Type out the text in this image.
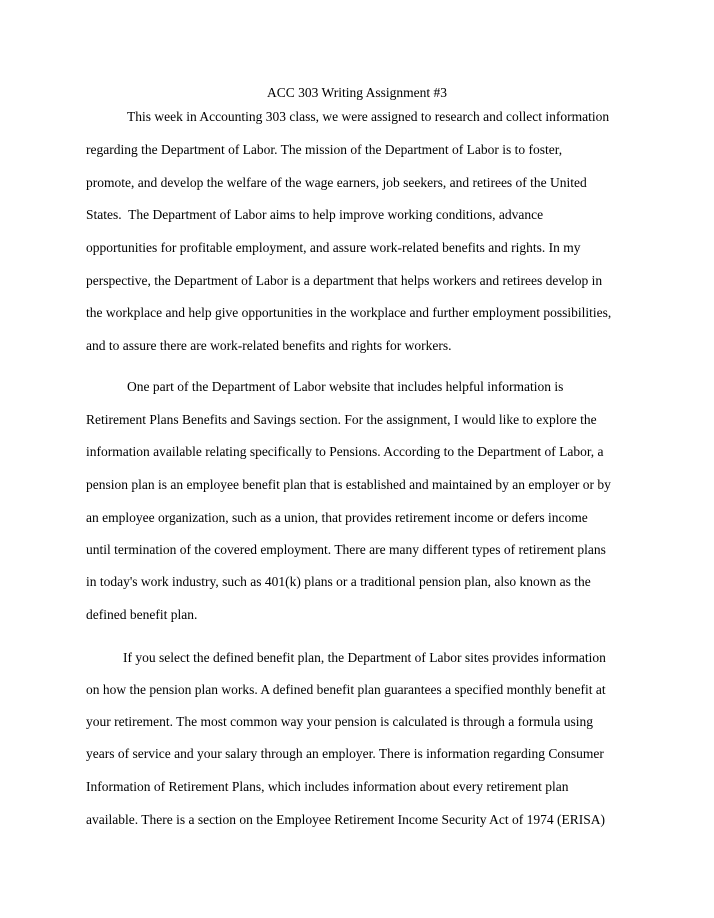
ACC 303 Writing Assignment #3
This week in Accounting 303 class, we were assigned to research and collect information
regarding the Department of Labor. The mission of the Department of Labor is to foster,
promote, and develop the welfare of the wage earners, job seekers, and retirees of the United
States.  The Department of Labor aims to help improve working conditions, advance
opportunities for profitable employment, and assure work-related benefits and rights. In my
perspective, the Department of Labor is a department that helps workers and retirees develop in
the workplace and help give opportunities in the workplace and further employment possibilities,
and to assure there are work-related benefits and rights for workers.
One part of the Department of Labor website that includes helpful information is
Retirement Plans Benefits and Savings section. For the assignment, I would like to explore the
information available relating specifically to Pensions. According to the Department of Labor, a
pension plan is an employee benefit plan that is established and maintained by an employer or by
an employee organization, such as a union, that provides retirement income or defers income
until termination of the covered employment. There are many different types of retirement plans
in today's work industry, such as 401(k) plans or a traditional pension plan, also known as the
defined benefit plan.
If you select the defined benefit plan, the Department of Labor sites provides information
on how the pension plan works. A defined benefit plan guarantees a specified monthly benefit at
your retirement. The most common way your pension is calculated is through a formula using
years of service and your salary through an employer. There is information regarding Consumer
Information of Retirement Plans, which includes information about every retirement plan
available. There is a section on the Employee Retirement Income Security Act of 1974 (ERISA)
